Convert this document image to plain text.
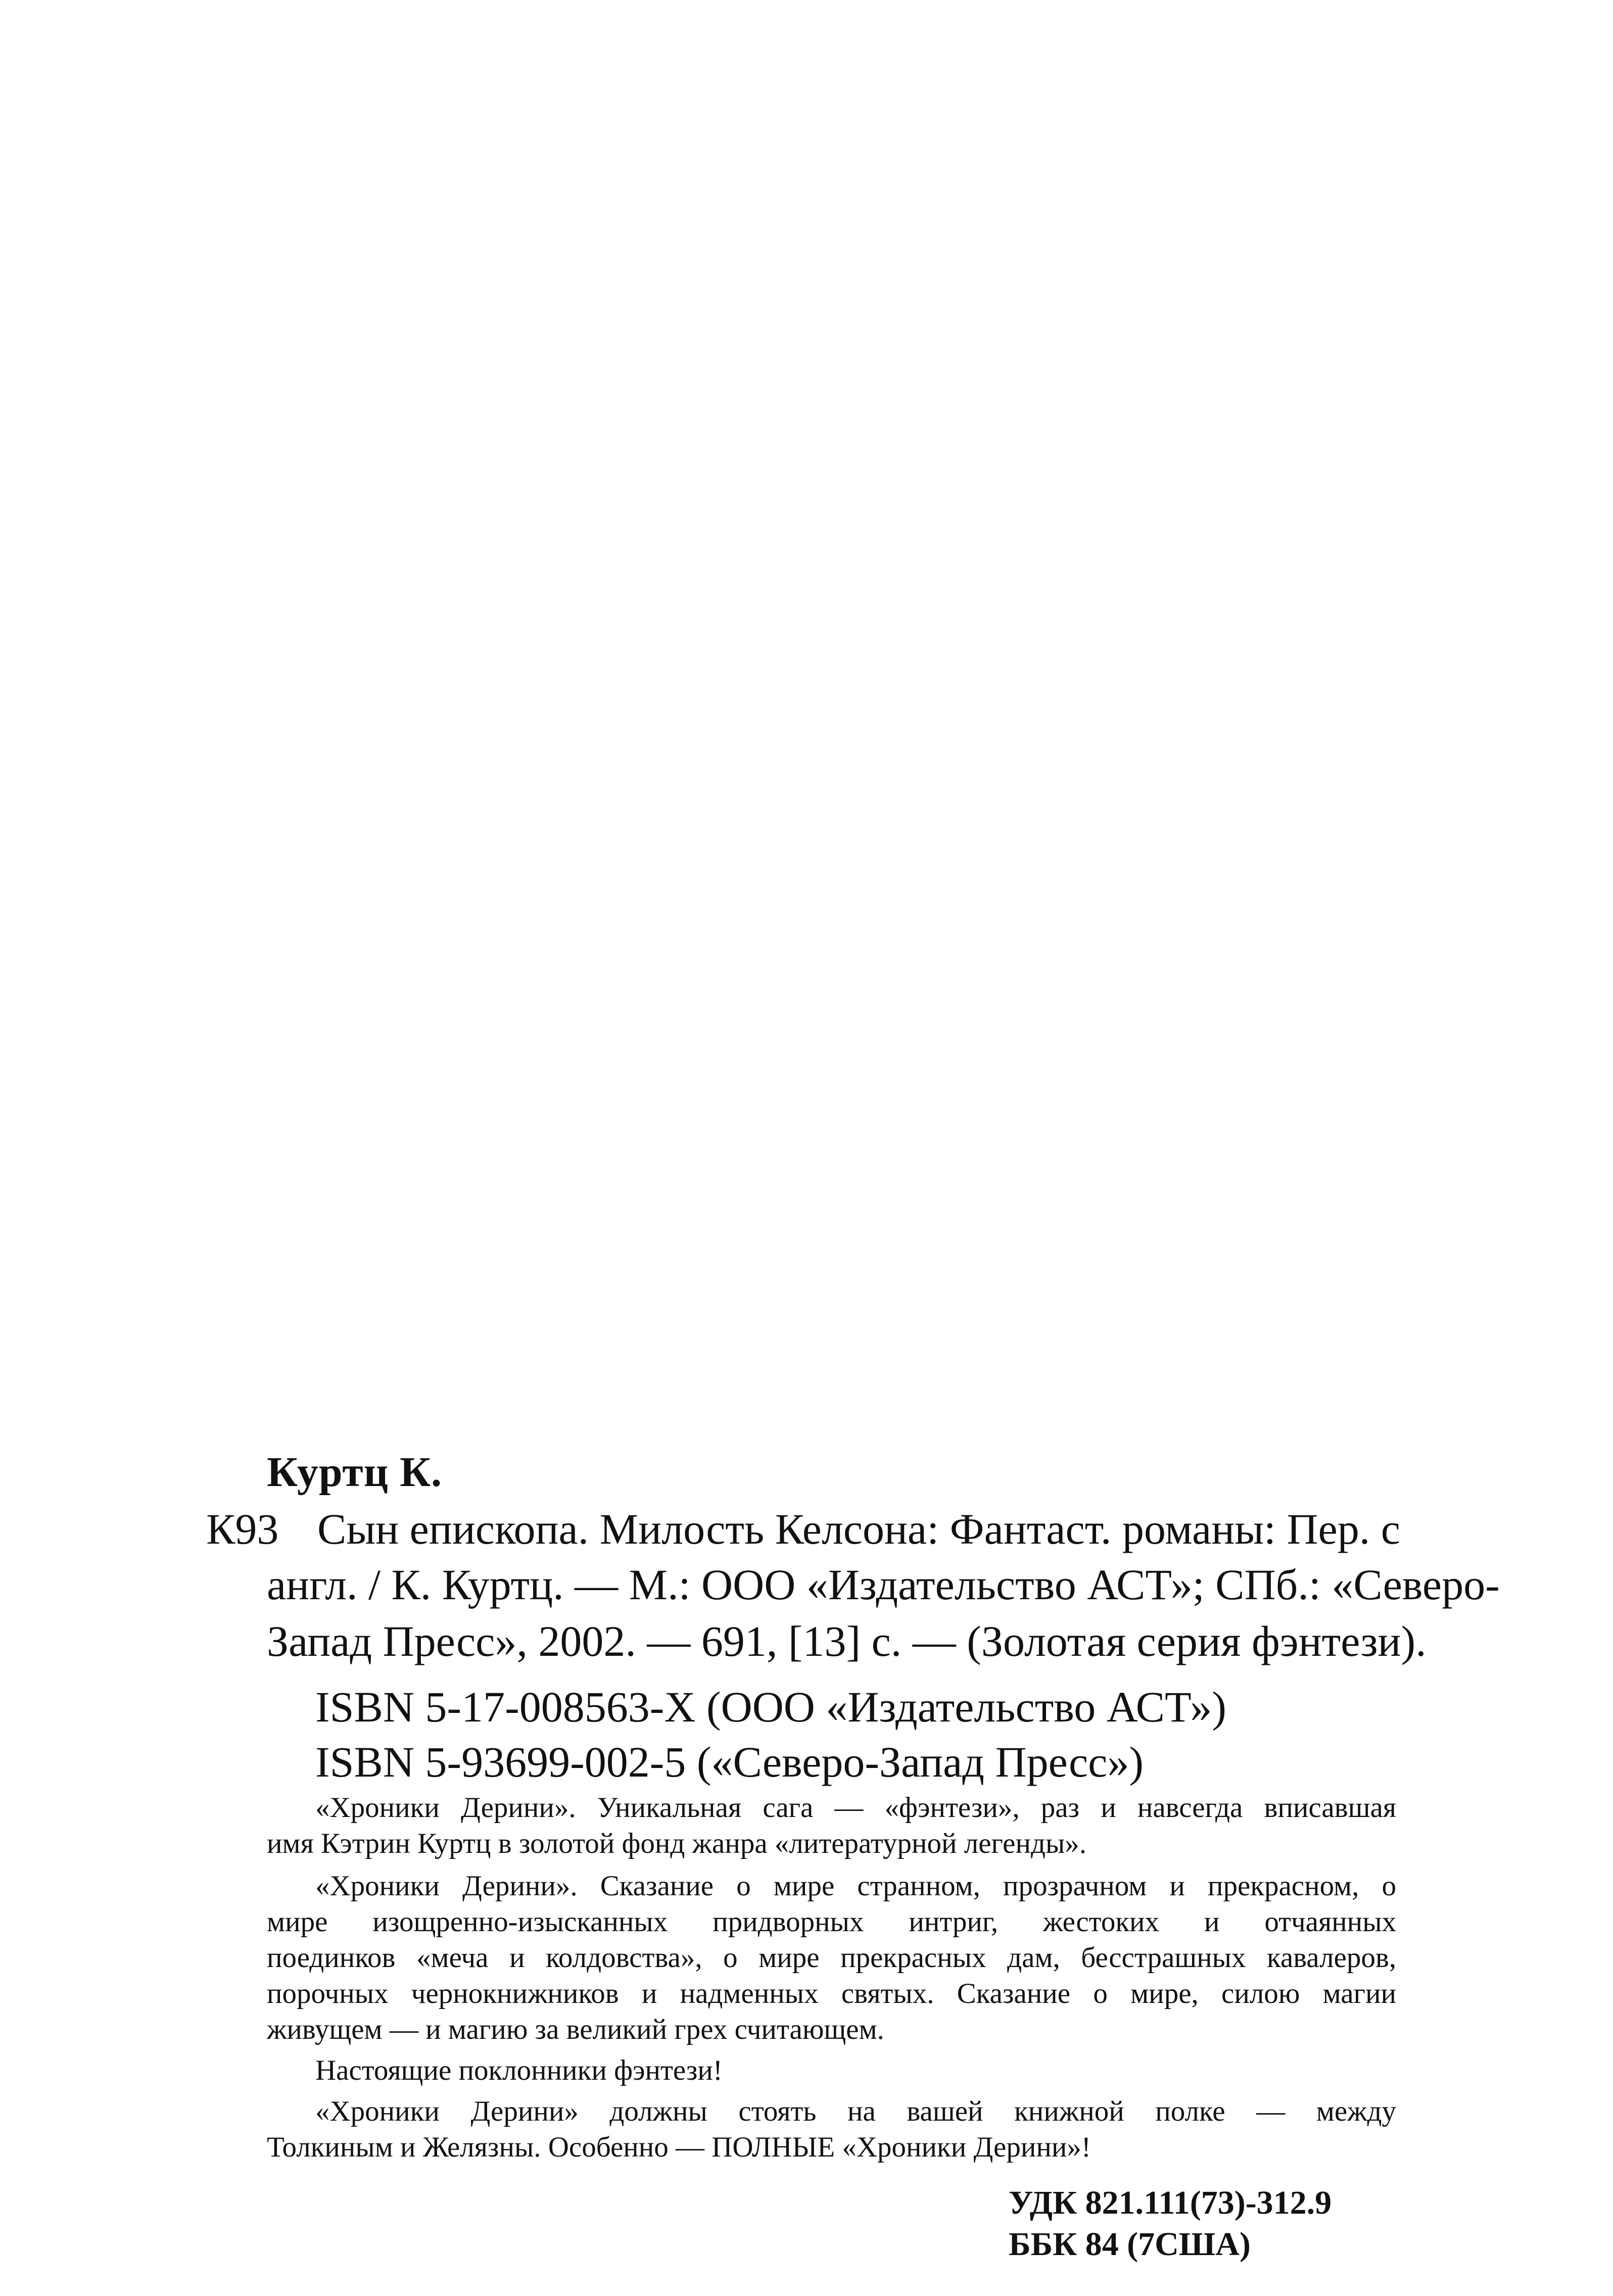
Куртц К.

К93 Сын епископа. Милость Келсона: Фантаст. романы: Пер. с

англ. / К. Куртц. — М.: ООО «Издательство АСТ»; СПб.: «Северо-

Запад Пресс», 2002. — 691, [13] с. — (Золотая серия фэнтези).

ISBN 5-17-008563-Х (ООО «Издательство АСТ»)

ISBN 5-93699-002-5 («Северо-Запад Пресс»)

«Хроники Дерини». Уникальная сага — «фэнтези», раз и навсегда вписавшая

имя Кэтрин Куртц в золотой фонд жанра «литературной легенды».

«Хроники Дерини». Сказание о мире странном, прозрачном и прекрасном, о

мире изощренно-изысканных придворных интриг, жестоких и отчаянных

поединков «меча и колдовства», о мире прекрасных дам, бесстрашных кавалеров,

порочных чернокнижников и надменных святых. Сказание о мире, силою магии

живущем — и магию за великий грех считающем.

Настоящие поклонники фэнтези!

«Хроники Дерини» должны стоять на вашей книжной полке — между

Толкиным и Желязны. Особенно — ПОЛНЫЕ «Хроники Дерини»!

УДК 821.111(73)-312.9

ББК 84 (7США)
